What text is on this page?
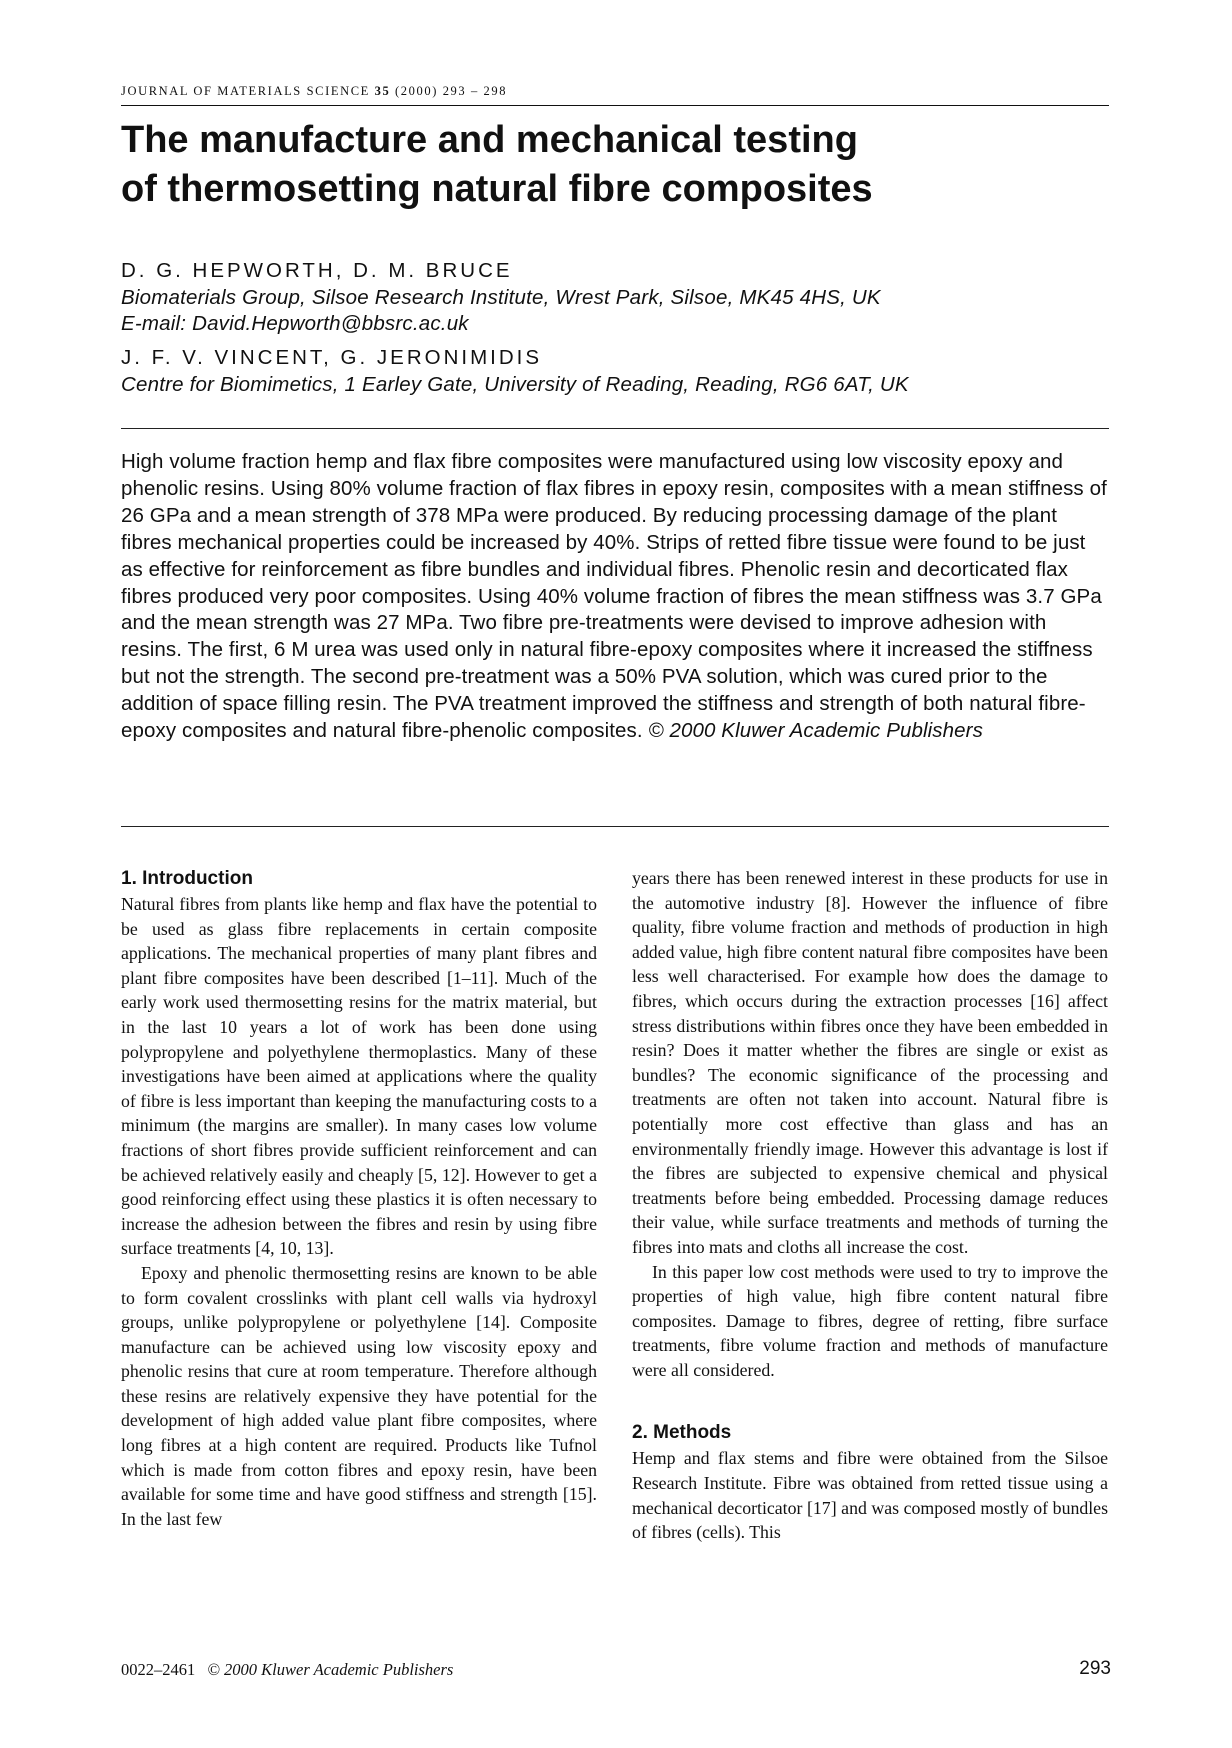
JOURNAL OF MATERIALS SCIENCE 35 (2000) 293 – 298
The manufacture and mechanical testing
of thermosetting natural fibre composites
D. G. HEPWORTH, D. M. BRUCE
Biomaterials Group, Silsoe Research Institute, Wrest Park, Silsoe, MK45 4HS, UK
E-mail: David.Hepworth@bbsrc.ac.uk
J. F. V. VINCENT, G. JERONIMIDIS
Centre for Biomimetics, 1 Earley Gate, University of Reading, Reading, RG6 6AT, UK

High volume fraction hemp and flax fibre composites were manufactured using low viscosity epoxy and phenolic resins. Using 80% volume fraction of flax fibres in epoxy resin, composites with a mean stiffness of 26 GPa and a mean strength of 378 MPa were produced. By reducing processing damage of the plant fibres mechanical properties could be increased by 40%. Strips of retted fibre tissue were found to be just as effective for reinforcement as fibre bundles and individual fibres. Phenolic resin and decorticated flax fibres produced very poor composites. Using 40% volume fraction of fibres the mean stiffness was 3.7 GPa and the mean strength was 27 MPa. Two fibre pre-treatments were devised to improve adhesion with resins. The first, 6 M urea was used only in natural fibre-epoxy composites where it increased the stiffness but not the strength. The second pre-treatment was a 50% PVA solution, which was cured prior to the addition of space filling resin. The PVA treatment improved the stiffness and strength of both natural fibre-epoxy composites and natural fibre-phenolic composites. © 2000 Kluwer Academic Publishers

1. Introduction

Natural fibres from plants like hemp and flax have the potential to be used as glass fibre replacements in certain composite applications. The mechanical properties of many plant fibres and plant fibre composites have been described [1–11]. Much of the early work used thermosetting resins for the matrix material, but in the last 10 years a lot of work has been done using polypropylene and polyethylene thermoplastics. Many of these investigations have been aimed at applications where the quality of fibre is less important than keeping the manufacturing costs to a minimum (the margins are smaller). In many cases low volume fractions of short fibres provide sufficient reinforcement and can be achieved relatively easily and cheaply [5, 12]. However to get a good reinforcing effect using these plastics it is often necessary to increase the adhesion between the fibres and resin by using fibre surface treatments [4, 10, 13].

Epoxy and phenolic thermosetting resins are known to be able to form covalent crosslinks with plant cell walls via hydroxyl groups, unlike polypropylene or polyethylene [14]. Composite manufacture can be achieved using low viscosity epoxy and phenolic resins that cure at room temperature. Therefore although these resins are relatively expensive they have potential for the development of high added value plant fibre composites, where long fibres at a high content are required. Products like Tufnol which is made from cotton fibres and epoxy resin, have been available for some time and have good stiffness and strength [15]. In the last few

years there has been renewed interest in these products for use in the automotive industry [8]. However the influence of fibre quality, fibre volume fraction and methods of production in high added value, high fibre content natural fibre composites have been less well characterised. For example how does the damage to fibres, which occurs during the extraction processes [16] affect stress distributions within fibres once they have been embedded in resin? Does it matter whether the fibres are single or exist as bundles? The economic significance of the processing and treatments are often not taken into account. Natural fibre is potentially more cost effective than glass and has an environmentally friendly image. However this advantage is lost if the fibres are subjected to expensive chemical and physical treatments before being embedded. Processing damage reduces their value, while surface treatments and methods of turning the fibres into mats and cloths all increase the cost.

In this paper low cost methods were used to try to improve the properties of high value, high fibre content natural fibre composites. Damage to fibres, degree of retting, fibre surface treatments, fibre volume fraction and methods of manufacture were all considered.

2. Methods

Hemp and flax stems and fibre were obtained from the Silsoe Research Institute. Fibre was obtained from retted tissue using a mechanical decorticator [17] and was composed mostly of bundles of fibres (cells). This

0022–2461 © 2000 Kluwer Academic Publishers	293
